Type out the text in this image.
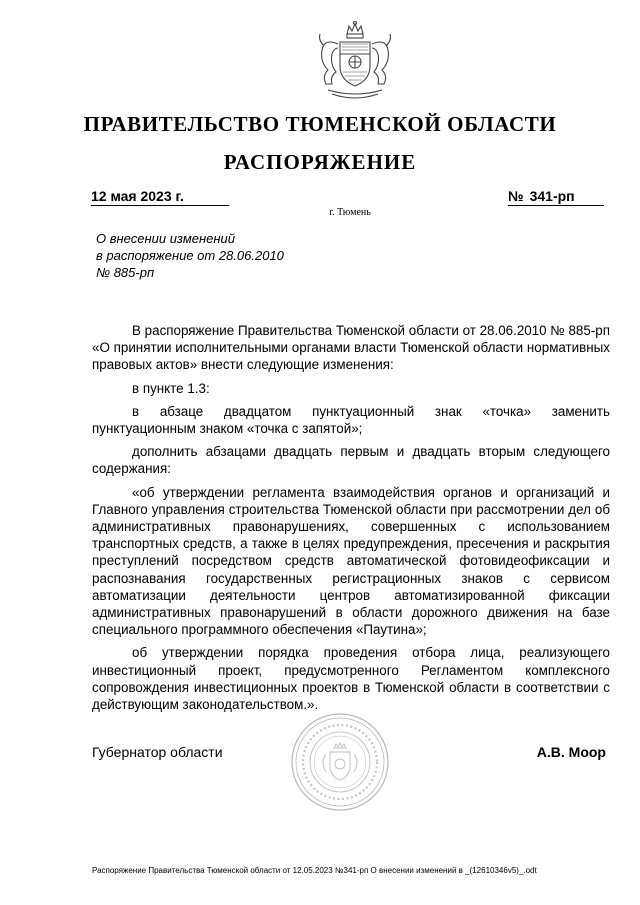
ПРАВИТЕЛЬСТВО ТЮМЕНСКОЙ ОБЛАСТИ
РАСПОРЯЖЕНИЕ
12 мая 2023 г.	№ 341-рп
г. Тюмень
О внесении изменений
в распоряжение от 28.06.2010
№ 885-рп

В распоряжение Правительства Тюменской области от 28.06.2010 № 885-рп «О принятии исполнительными органами власти Тюменской области нормативных правовых актов» внести следующие изменения:

в пункте 1.3:

в абзаце двадцатом пунктуационный знак «точка» заменить пунктуационным знаком «точка с запятой»;

дополнить абзацами двадцать первым и двадцать вторым следующего содержания:

«об утверждении регламента взаимодействия органов и организаций и Главного управления строительства Тюменской области при рассмотрении дел об административных правонарушениях, совершенных с использованием транспортных средств, а также в целях предупреждения, пресечения и раскрытия преступлений посредством средств автоматической фотовидеофиксации и распознавания государственных регистрационных знаков с сервисом автоматизации деятельности центров автоматизированной фиксации административных правонарушений в области дорожного движения на базе специального программного обеспечения «Паутина»;

об утверждении порядка проведения отбора лица, реализующего инвестиционный проект, предусмотренного Регламентом комплексного сопровождения инвестиционных проектов в Тюменской области в соответствии с действующим законодательством.».

Губернатор области	А.В. Моор
Распоряжение Правительства Тюменской области от 12.05.2023 №341-рп О внесении изменений в _(12610346v5)_.odt
